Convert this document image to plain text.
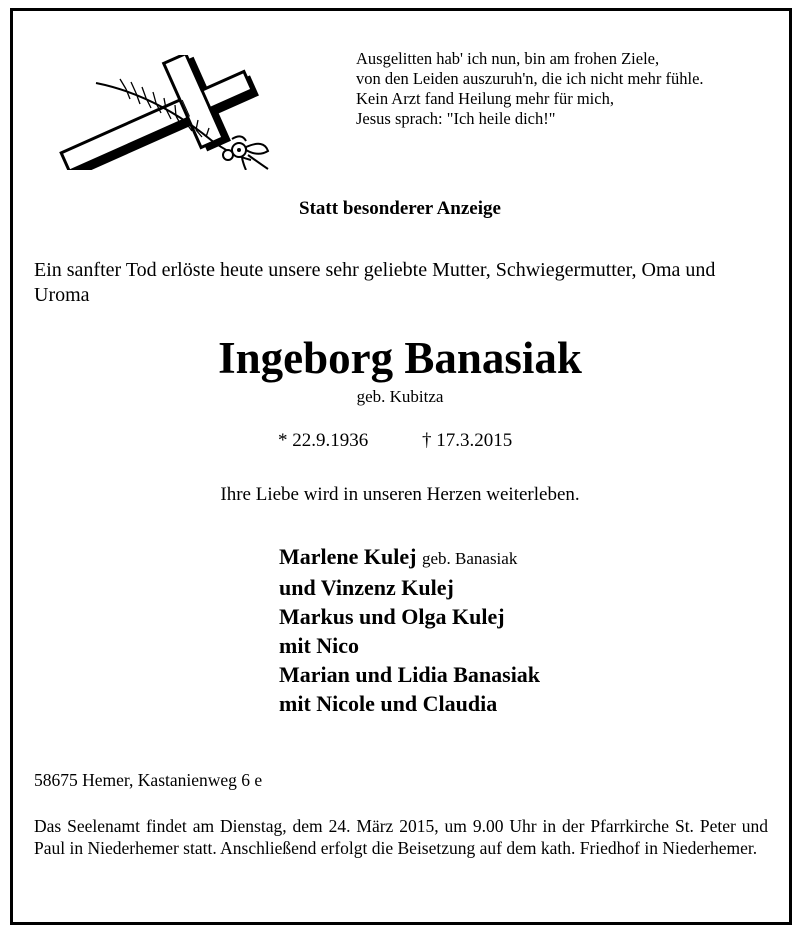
Ausgelitten hab' ich nun, bin am frohen Ziele,
von den Leiden auszuruh'n, die ich nicht mehr fühle.
Kein Arzt fand Heilung mehr für mich,
Jesus sprach: "Ich heile dich!"
Statt besonderer Anzeige
Ein sanfter Tod erlöste heute unsere sehr geliebte Mutter, Schwiegermutter, Oma und Uroma
Ingeborg Banasiak
geb. Kubitza
* 22.9.1936	† 17.3.2015
Ihre Liebe wird in unseren Herzen weiterleben.
Marlene Kulej geb. Banasiak
und Vinzenz Kulej
Markus und Olga Kulej
mit Nico
Marian und Lidia Banasiak
mit Nicole und Claudia
58675 Hemer, Kastanienweg 6 e
Das Seelenamt findet am Dienstag, dem 24. März 2015, um 9.00 Uhr in der Pfarrkirche St. Peter und Paul in Niederhemer statt. Anschließend erfolgt die Beisetzung auf dem kath. Friedhof in Niederhemer.
